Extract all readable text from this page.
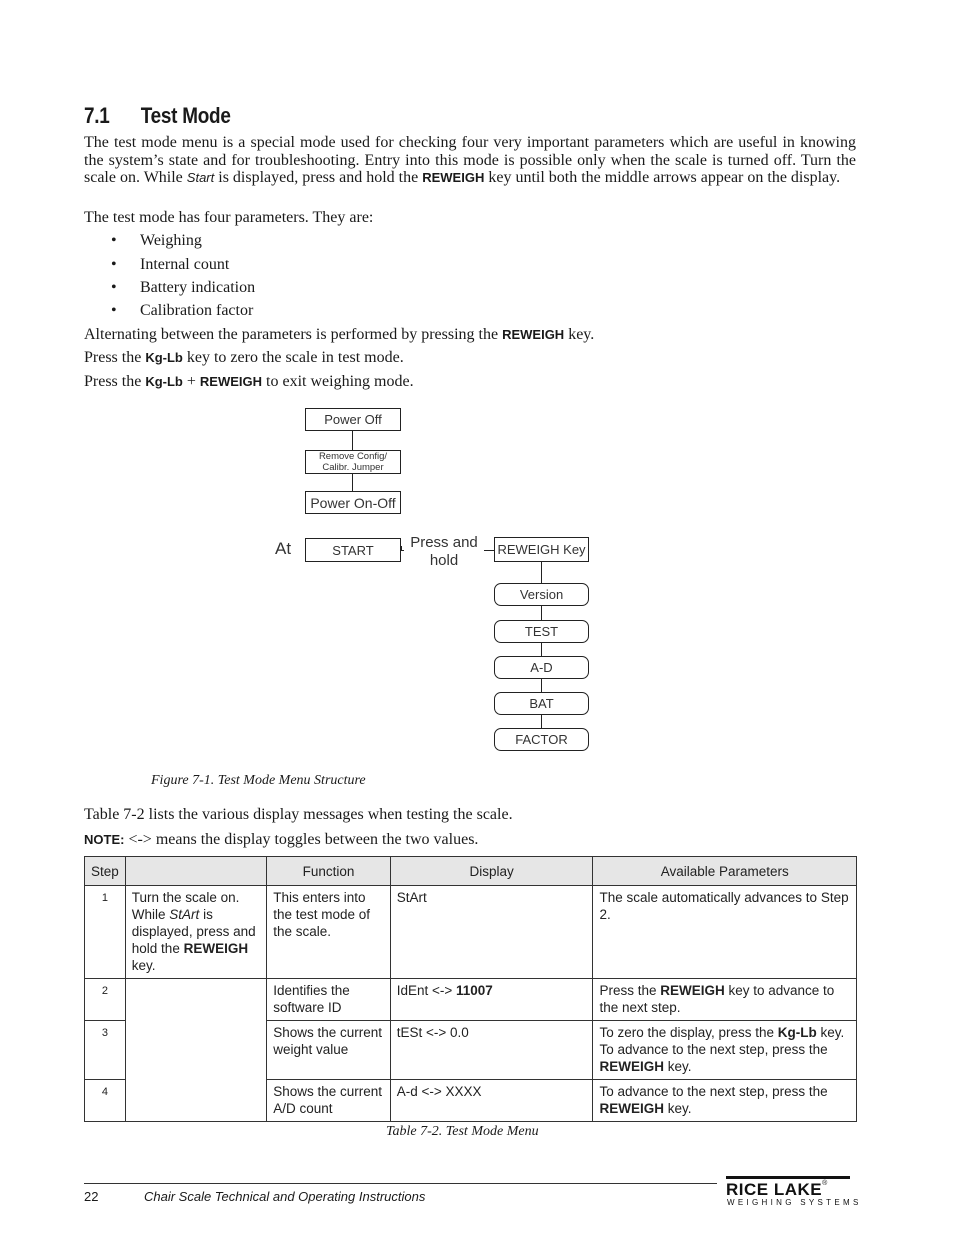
7.1 Test Mode
The test mode menu is a special mode used for checking four very important parameters which are useful in knowing the system’s state and for troubleshooting. Entry into this mode is possible only when the scale is turned off. Turn the scale on. While Start is displayed, press and hold the REWEIGH key until both the middle arrows appear on the display.
The test mode has four parameters. They are:
• Weighing
• Internal count
• Battery indication
• Calibration factor
Alternating between the parameters is performed by pressing the REWEIGH key.
Press the Kg-Lb key to zero the scale in test mode.
Press the Kg-Lb + REWEIGH to exit weighing mode.
Power Off
Remove Config/
Calibr. Jumper
Power On-Off
At	START	Press and
hold
REWEIGH Key
Version
TEST
A-D
BAT
FACTOR
Figure 7-1. Test Mode Menu Structure
Table 7-2 lists the various display messages when testing the scale.
NOTE: <-> means the display toggles between the two values.
Step		Function	Display	Available Parameters
1	Turn the scale on. While StArt is displayed, press and hold the REWEIGH key.	This enters into the test mode of the scale.	StArt	The scale automatically advances to Step 2.
2		Identifies the software ID	IdEnt <-> 11007	Press the REWEIGH key to advance to the next step.
3		Shows the current weight value	tESt <-> 0.0	To zero the display, press the Kg-Lb key. To advance to the next step, press the REWEIGH key.
4		Shows the current A/D count	A-d <-> XXXX	To advance to the next step, press the REWEIGH key.
Table 7-2. Test Mode Menu
22	Chair Scale Technical and Operating Instructions	RICE LAKE®
WEIGHING SYSTEMS
